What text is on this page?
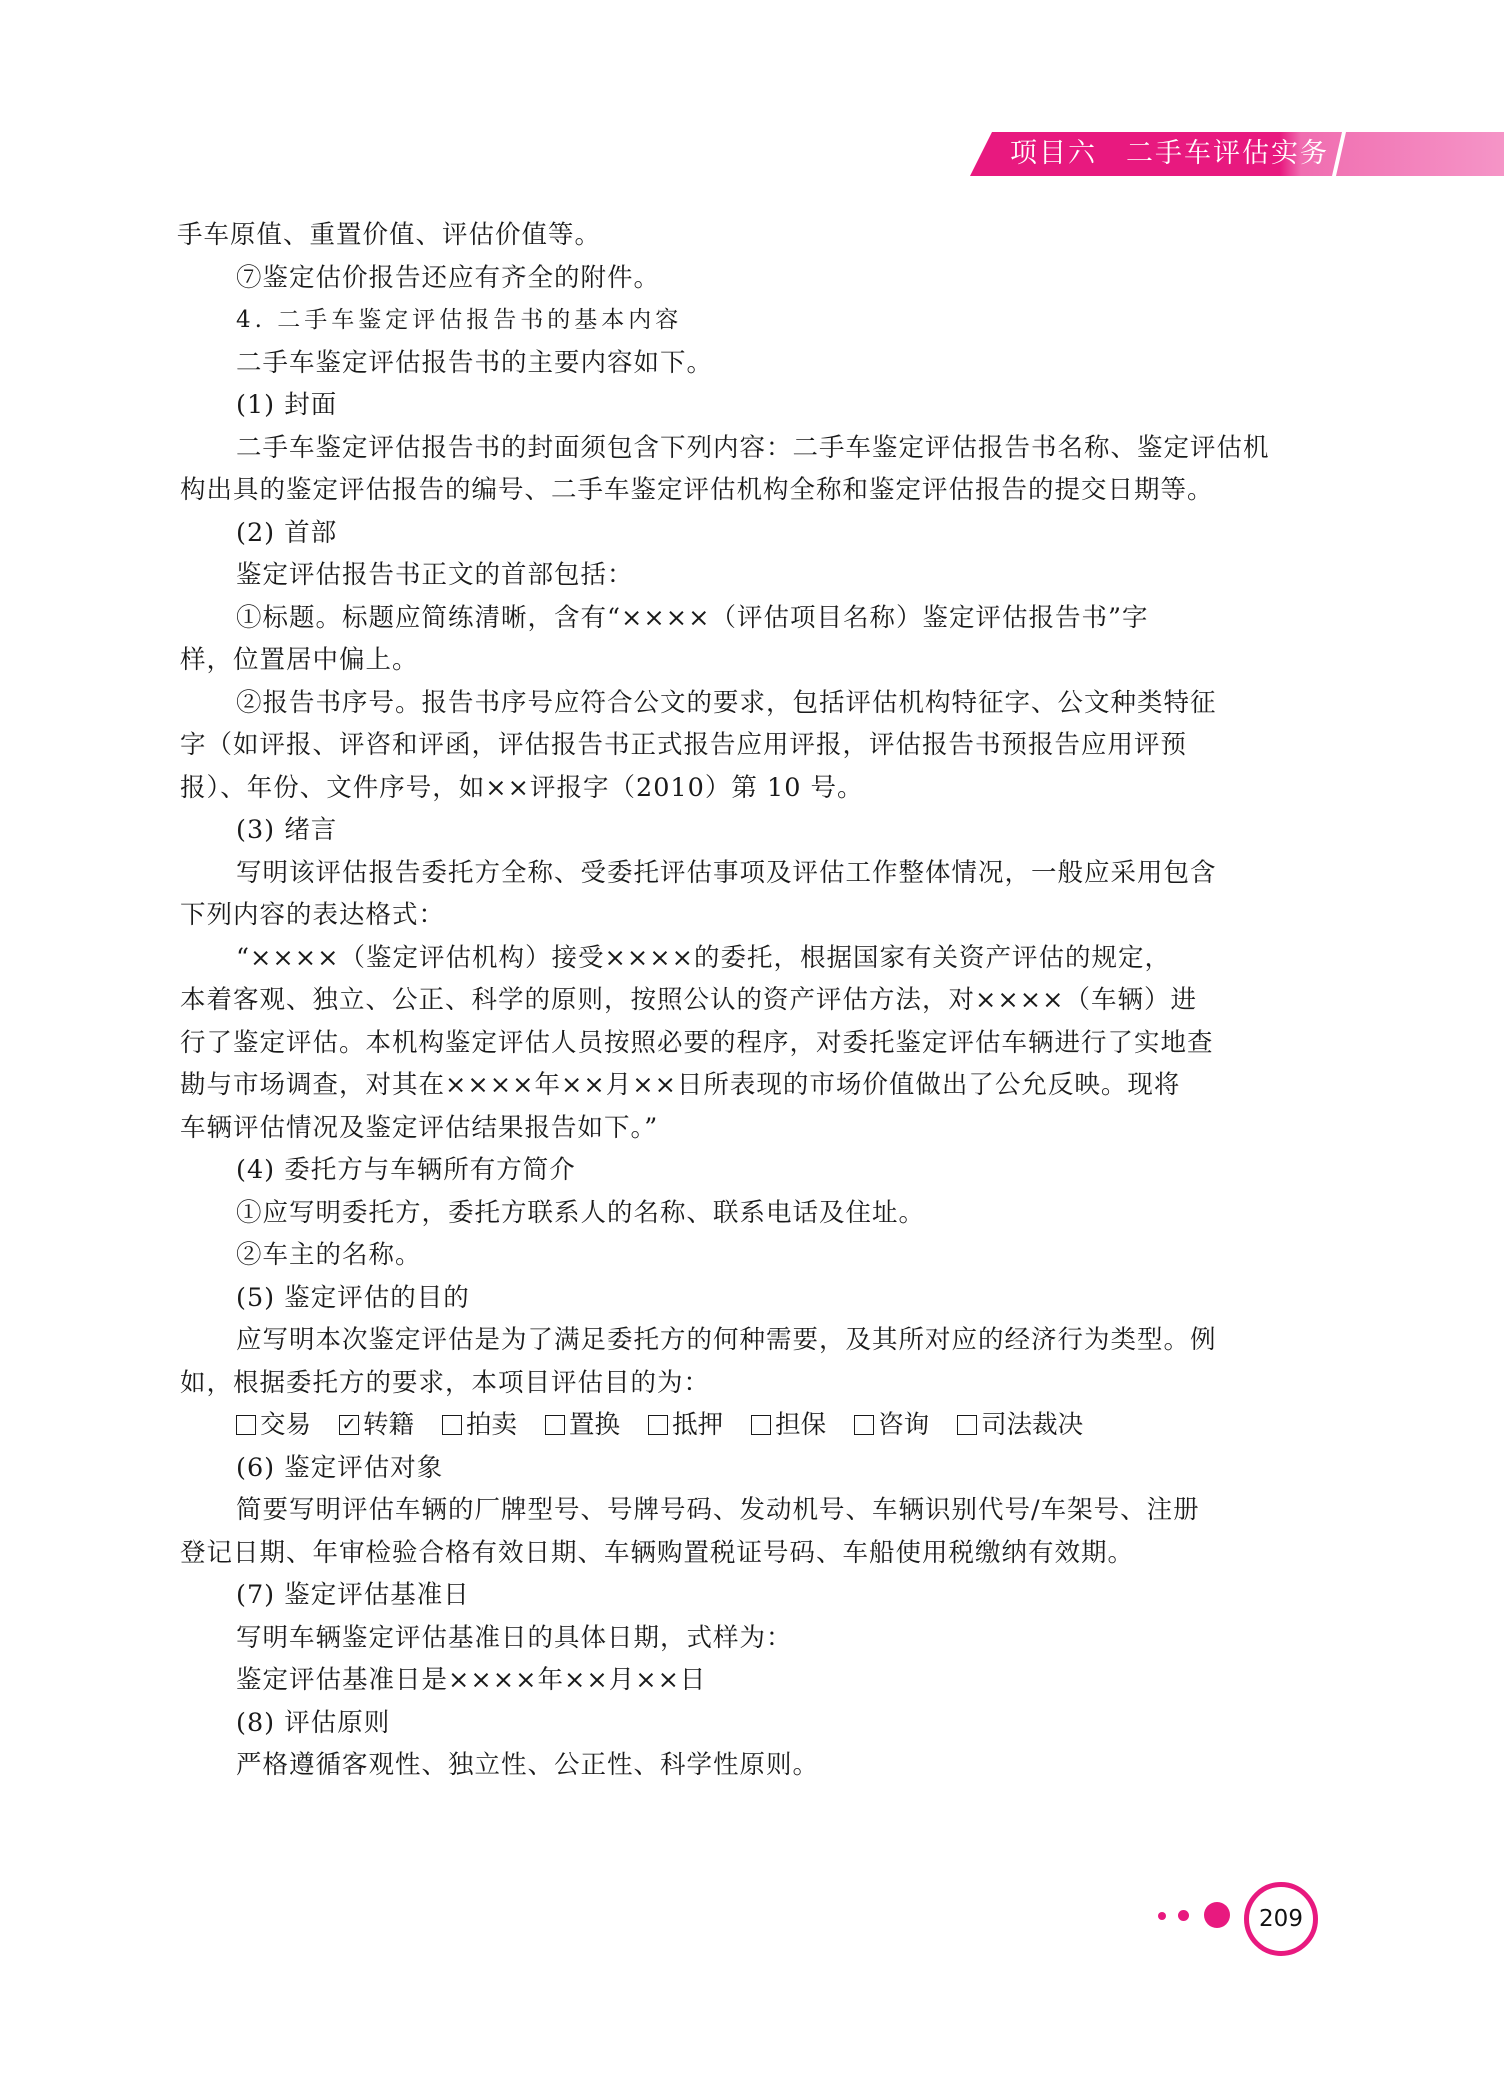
项目六　二手车评估实务
手车原值、重置价值、评估价值等。
⑦鉴定估价报告还应有齐全的附件。
4. 二手车鉴定评估报告书的基本内容
二手车鉴定评估报告书的主要内容如下。
(1) 封面
二手车鉴定评估报告书的封面须包含下列内容：二手车鉴定评估报告书名称、鉴定评估机
构出具的鉴定评估报告的编号、二手车鉴定评估机构全称和鉴定评估报告的提交日期等。
(2) 首部
鉴定评估报告书正文的首部包括：
①标题。标题应简练清晰，含有“××××（评估项目名称）鉴定评估报告书”字
样，位置居中偏上。
②报告书序号。报告书序号应符合公文的要求，包括评估机构特征字、公文种类特征
字（如评报、评咨和评函，评估报告书正式报告应用评报，评估报告书预报告应用评预
报）、年份、文件序号，如××评报字（2010）第 10 号。
(3) 绪言
写明该评估报告委托方全称、受委托评估事项及评估工作整体情况，一般应采用包含
下列内容的表达格式：
“××××（鉴定评估机构）接受××××的委托，根据国家有关资产评估的规定，
本着客观、独立、公正、科学的原则，按照公认的资产评估方法，对××××（车辆）进
行了鉴定评估。本机构鉴定评估人员按照必要的程序，对委托鉴定评估车辆进行了实地查
勘与市场调查，对其在××××年××月××日所表现的市场价值做出了公允反映。现将
车辆评估情况及鉴定评估结果报告如下。”
(4) 委托方与车辆所有方简介
①应写明委托方，委托方联系人的名称、联系电话及住址。
②车主的名称。
(5) 鉴定评估的目的
应写明本次鉴定评估是为了满足委托方的何种需要，及其所对应的经济行为类型。例
如，根据委托方的要求，本项目评估目的为：
交易 ✓ 转籍 拍卖 置换 抵押 担保 咨询 司法裁决
(6) 鉴定评估对象
简要写明评估车辆的厂牌型号、号牌号码、发动机号、车辆识别代号/车架号、注册
登记日期、年审检验合格有效日期、车辆购置税证号码、车船使用税缴纳有效期。
(7) 鉴定评估基准日
写明车辆鉴定评估基准日的具体日期，式样为：
鉴定评估基准日是××××年××月××日
(8) 评估原则
严格遵循客观性、独立性、公正性、科学性原则。
209
